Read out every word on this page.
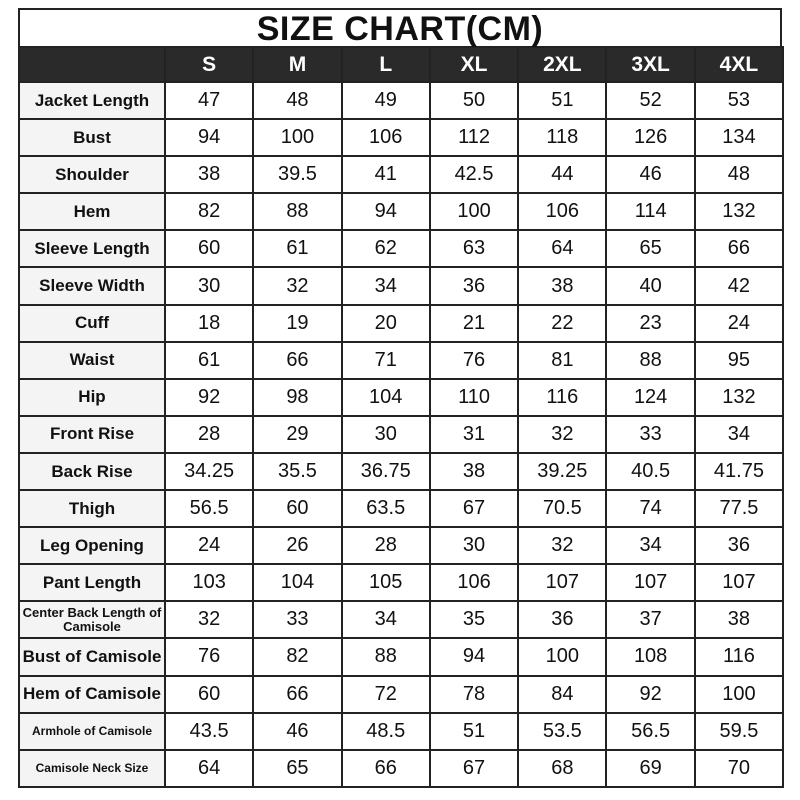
SIZE CHART(CM)
	S	M	L	XL	2XL	3XL	4XL
Jacket Length	47	48	49	50	51	52	53
Bust	94	100	106	112	118	126	134
Shoulder	38	39.5	41	42.5	44	46	48
Hem	82	88	94	100	106	114	132
Sleeve Length	60	61	62	63	64	65	66
Sleeve Width	30	32	34	36	38	40	42
Cuff	18	19	20	21	22	23	24
Waist	61	66	71	76	81	88	95
Hip	92	98	104	110	116	124	132
Front Rise	28	29	30	31	32	33	34
Back Rise	34.25	35.5	36.75	38	39.25	40.5	41.75
Thigh	56.5	60	63.5	67	70.5	74	77.5
Leg Opening	24	26	28	30	32	34	36
Pant Length	103	104	105	106	107	107	107
Center Back Length of Camisole	32	33	34	35	36	37	38
Bust of Camisole	76	82	88	94	100	108	116
Hem of Camisole	60	66	72	78	84	92	100
Armhole of Camisole	43.5	46	48.5	51	53.5	56.5	59.5
Camisole Neck Size	64	65	66	67	68	69	70
